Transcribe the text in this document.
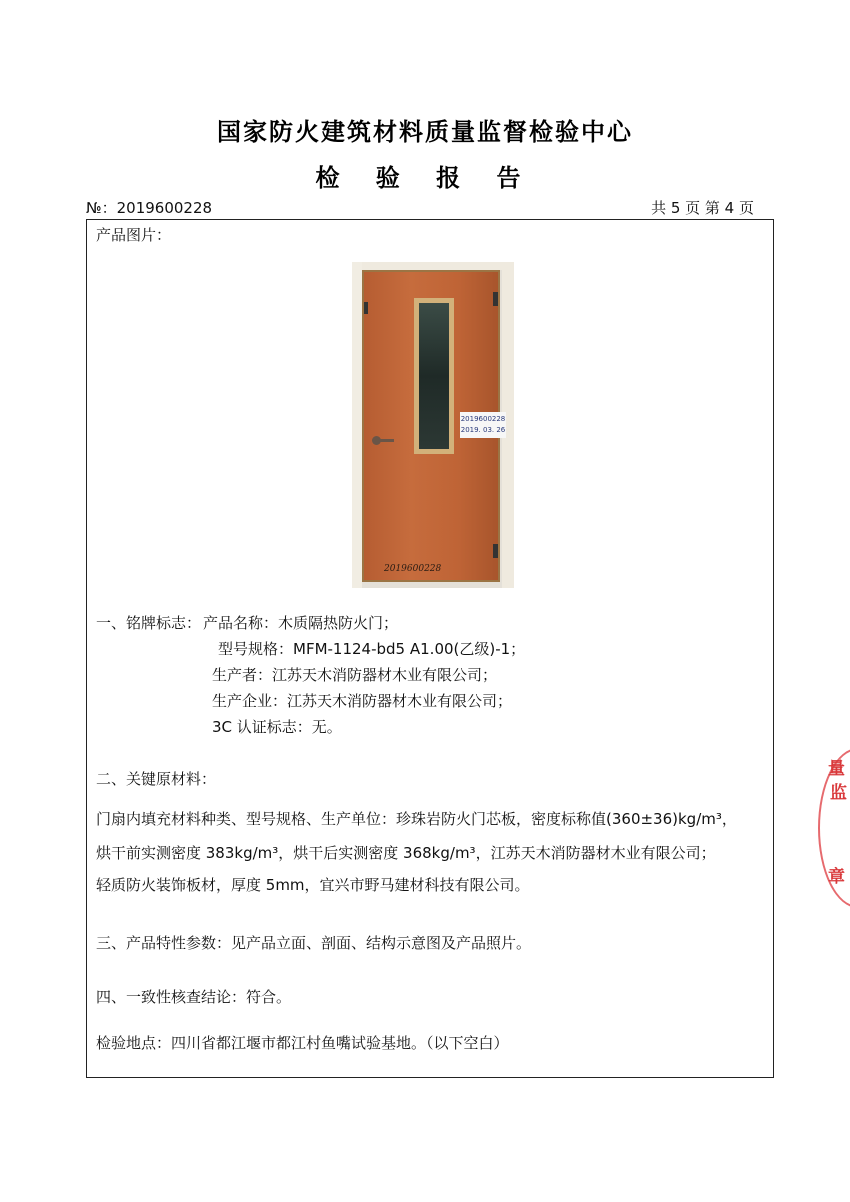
国家防火建筑材料质量监督检验中心
检 验 报 告
№：2019600228	共 5 页 第 4 页
产品图片：
2019600228
2019. 03. 26
2019600228
一、铭牌标志： 产品名称：木质隔热防火门；
型号规格：MFM-1124-bd5 A1.00(乙级)-1；
生产者：江苏天木消防器材木业有限公司；
生产企业：江苏天木消防器材木业有限公司；
3C 认证标志：无。
二、关键原材料：
门扇内填充材料种类、型号规格、生产单位：珍珠岩防火门芯板，密度标称值(360±36)kg/m³，
烘干前实测密度 383kg/m³，烘干后实测密度 368kg/m³，江苏天木消防器材木业有限公司；
轻质防火装饰板材，厚度 5mm，宜兴市野马建材科技有限公司。
三、产品特性参数：见产品立面、剖面、结构示意图及产品照片。
四、一致性核查结论：符合。
检验地点：四川省都江堰市都江村鱼嘴试验基地。（以下空白）
量
监
章
